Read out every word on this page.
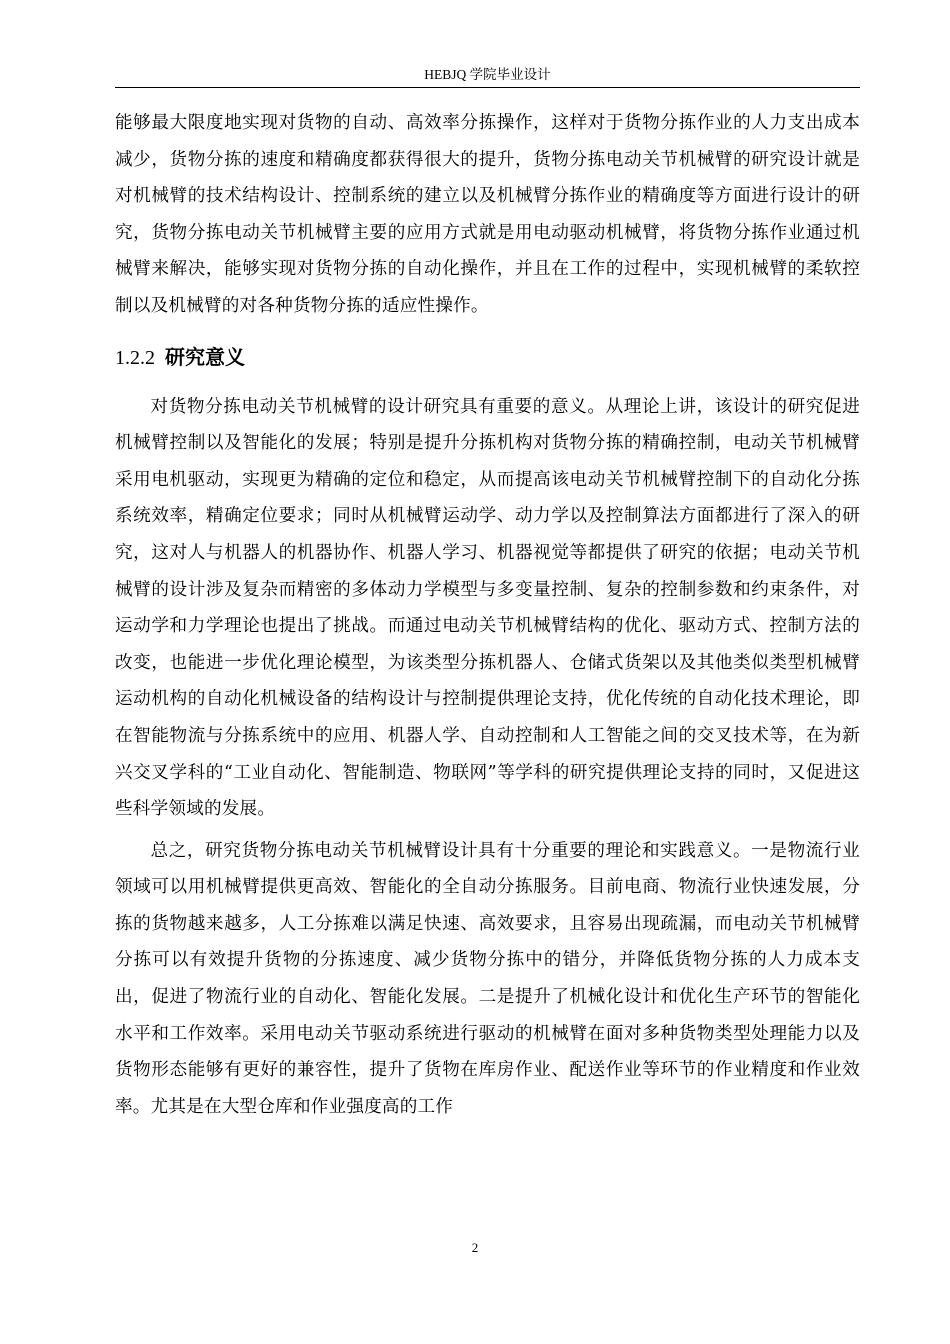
HEBJQ 学院毕业设计

能够最大限度地实现对货物的自动、高效率分拣操作，这样对于货物分拣作业的人力支出成本减少，货物分拣的速度和精确度都获得很大的提升，货物分拣电动关节机械臂的研究设计就是对机械臂的技术结构设计、控制系统的建立以及机械臂分拣作业的精确度等方面进行设计的研究，货物分拣电动关节机械臂主要的应用方式就是用电动驱动机械臂，将货物分拣作业通过机械臂来解决，能够实现对货物分拣的自动化操作，并且在工作的过程中，实现机械臂的柔软控制以及机械臂的对各种货物分拣的适应性操作。

1.2.2 研究意义

对货物分拣电动关节机械臂的设计研究具有重要的意义。从理论上讲，该设计的研究促进机械臂控制以及智能化的发展；特别是提升分拣机构对货物分拣的精确控制，电动关节机械臂采用电机驱动，实现更为精确的定位和稳定，从而提高该电动关节机械臂控制下的自动化分拣系统效率，精确定位要求；同时从机械臂运动学、动力学以及控制算法方面都进行了深入的研究，这对人与机器人的机器协作、机器人学习、机器视觉等都提供了研究的依据；电动关节机械臂的设计涉及复杂而精密的多体动力学模型与多变量控制、复杂的控制参数和约束条件，对运动学和力学理论也提出了挑战。而通过电动关节机械臂结构的优化、驱动方式、控制方法的改变，也能进一步优化理论模型，为该类型分拣机器人、仓储式货架以及其他类似类型机械臂运动机构的自动化机械设备的结构设计与控制提供理论支持，优化传统的自动化技术理论，即在智能物流与分拣系统中的应用、机器人学、自动控制和人工智能之间的交叉技术等，在为新兴交叉学科的“工业自动化、智能制造、物联网”等学科的研究提供理论支持的同时，又促进这些科学领域的发展。

总之，研究货物分拣电动关节机械臂设计具有十分重要的理论和实践意义。一是物流行业领域可以用机械臂提供更高效、智能化的全自动分拣服务。目前电商、物流行业快速发展，分拣的货物越来越多，人工分拣难以满足快速、高效要求，且容易出现疏漏，而电动关节机械臂分拣可以有效提升货物的分拣速度、减少货物分拣中的错分，并降低货物分拣的人力成本支出，促进了物流行业的自动化、智能化发展。二是提升了机械化设计和优化生产环节的智能化水平和工作效率。采用电动关节驱动系统进行驱动的机械臂在面对多种货物类型处理能力以及货物形态能够有更好的兼容性，提升了货物在库房作业、配送作业等环节的作业精度和作业效率。尤其是在大型仓库和作业强度高的工作

2
